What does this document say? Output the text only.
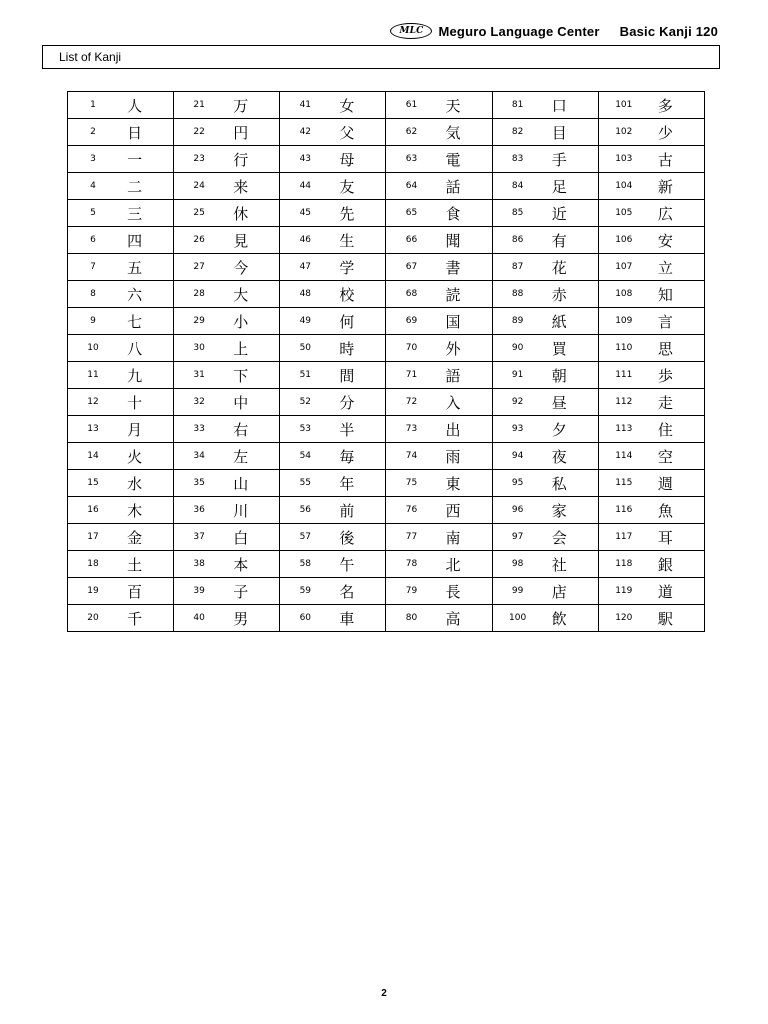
MLC	Meguro Language Center Basic Kanji 120
List of Kanji
1 人	21 万	41 女	61 天	81 口	101 多

2 日	22 円	42 父	62 気	82 目	102 少

3 一	23 行	43 母	63 電	83 手	103 古

4 二	24 来	44 友	64 話	84 足	104 新

5 三	25 休	45 先	65 食	85 近	105 広

6 四	26 見	46 生	66 聞	86 有	106 安

7 五	27 今	47 学	67 書	87 花	107 立

8 六	28 大	48 校	68 読	88 赤	108 知

9 七	29 小	49 何	69 国	89 紙	109 言

10 八	30 上	50 時	70 外	90 買	110 思

11 九	31 下	51 間	71 語	91 朝	111 歩

12 十	32 中	52 分	72 入	92 昼	112 走

13 月	33 右	53 半	73 出	93 夕	113 住

14 火	34 左	54 毎	74 雨	94 夜	114 空

15 水	35 山	55 年	75 東	95 私	115 週

16 木	36 川	56 前	76 西	96 家	116 魚

17 金	37 白	57 後	77 南	97 会	117 耳

18 土	38 本	58 午	78 北	98 社	118 銀

19 百	39 子	59 名	79 長	99 店	119 道

20 千	40 男	60 車	80 高	100 飲	120 駅
2
